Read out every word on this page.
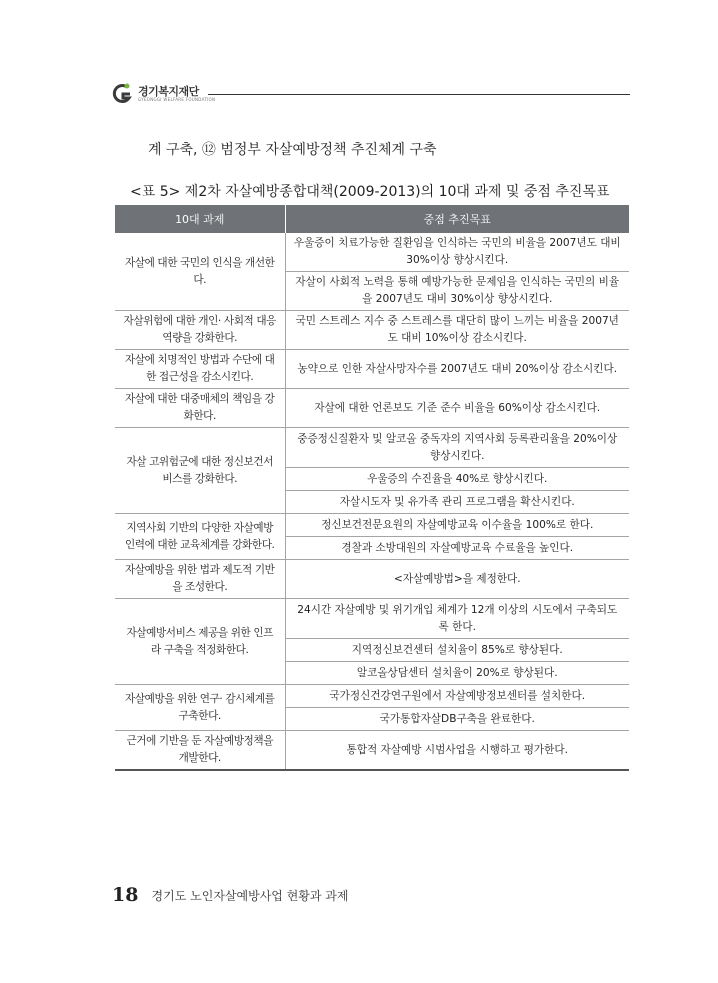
경기복지재단
GYEONGGI WELFARE FOUNDATION
계 구축, ⑫ 범정부 자살예방정책 추진체계 구축
<표 5> 제2차 자살예방종합대책(2009-2013)의 10대 과제 및 중점 추진목표
10대 과제	중점 추진목표
자살에 대한 국민의 인식을 개선한다.	우울증이 치료가능한 질환임을 인식하는 국민의 비율을 2007년도 대비 30%이상 향상시킨다.
	자살이 사회적 노력을 통해 예방가능한 문제임을 인식하는 국민의 비율을 2007년도 대비 30%이상 향상시킨다.
자살위험에 대한 개인· 사회적 대응역량을 강화한다.	국민 스트레스 지수 중 스트레스를 대단히 많이 느끼는 비율을 2007년도 대비 10%이상 감소시킨다.
자살에 치명적인 방법과 수단에 대한 접근성을 감소시킨다.	농약으로 인한 자살사망자수를 2007년도 대비 20%이상 감소시킨다.
자살에 대한 대중매체의 책임을 강화한다.	자살에 대한 언론보도 기준 준수 비율을 60%이상 감소시킨다.
자살 고위험군에 대한 정신보건서비스를 강화한다.	중증정신질환자 및 알코올 중독자의 지역사회 등록관리율을 20%이상 향상시킨다.
	우울증의 수진율을 40%로 향상시킨다.
	자살시도자 및 유가족 관리 프로그램을 확산시킨다.
지역사회 기반의 다양한 자살예방 인력에 대한 교육체계를 강화한다.	정신보건전문요원의 자살예방교육 이수율을 100%로 한다.
	경찰과 소방대원의 자살예방교육 수료율을 높인다.
자살예방을 위한 법과 제도적 기반을 조성한다.	<자살예방법>을 제정한다.
자살예방서비스 제공을 위한 인프라 구축을 적정화한다.	24시간 자살예방 및 위기개입 체계가 12개 이상의 시도에서 구축되도록 한다.
	지역정신보건센터 설치율이 85%로 향상된다.
	알코올상담센터 설치율이 20%로 향상된다.
자살예방을 위한 연구· 감시체계를 구축한다.	국가정신건강연구원에서 자살예방정보센터를 설치한다.
	국가통합자살DB구축을 완료한다.
근거에 기반을 둔 자살예방정책을 개발한다.	통합적 자살예방 시범사업을 시행하고 평가한다.
18 경기도 노인자살예방사업 현황과 과제
